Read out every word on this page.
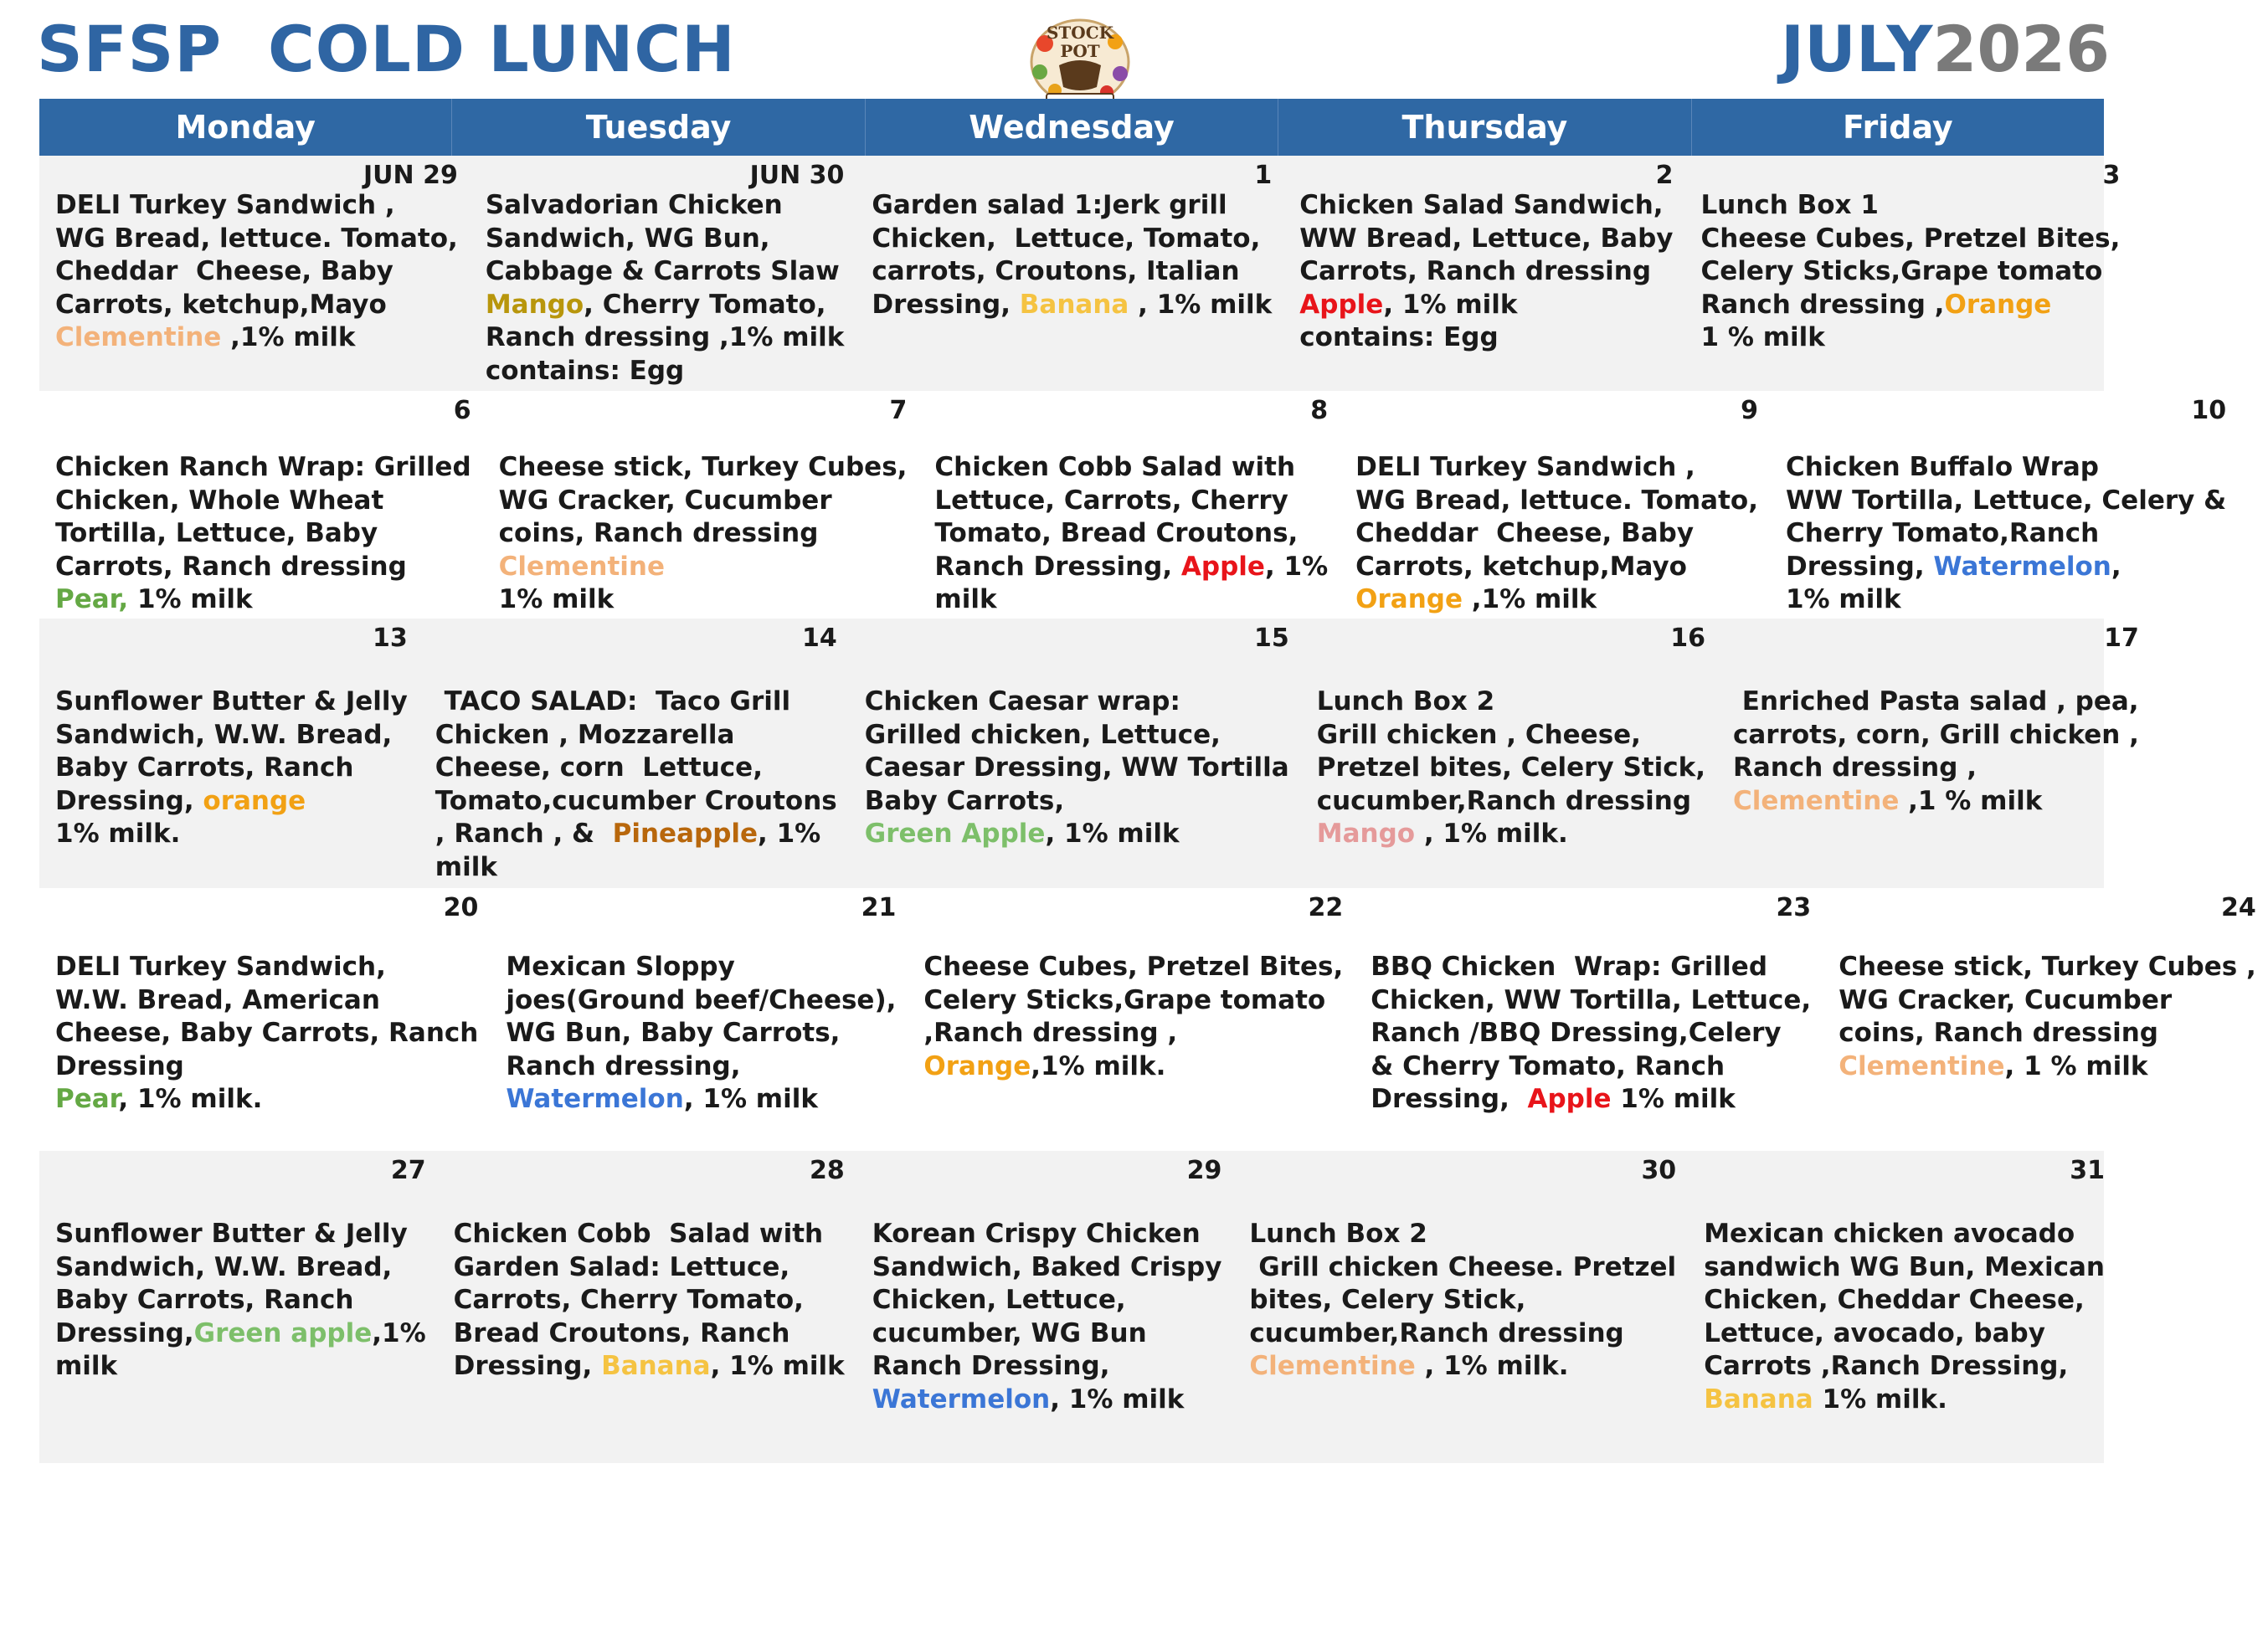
SFSP  COLD LUNCH	STOCK
POT	JULY2026
Monday	Tuesday	Wednesday	Thursday	Friday
JUN 29
DELI Turkey Sandwich ,
WG Bread, lettuce. Tomato,
Cheddar  Cheese, Baby
Carrots, ketchup,Mayo
Clementine ,1% milk
JUN 30
Salvadorian Chicken
Sandwich, WG Bun,
Cabbage & Carrots Slaw
Mango, Cherry Tomato,
Ranch dressing ,1% milk
contains: Egg
1
Garden salad 1:Jerk grill
Chicken,  Lettuce, Tomato,
carrots, Croutons, Italian
Dressing, Banana , 1% milk
2
Chicken Salad Sandwich,
WW Bread, Lettuce, Baby
Carrots, Ranch dressing
Apple, 1% milk
contains: Egg
3
Lunch Box 1
Cheese Cubes, Pretzel Bites,
Celery Sticks,Grape tomato
Ranch dressing ,Orange
1 % milk
6
Chicken Ranch Wrap: Grilled
Chicken, Whole Wheat
Tortilla, Lettuce, Baby
Carrots, Ranch dressing
Pear, 1% milk
7
Cheese stick, Turkey Cubes,
WG Cracker, Cucumber
coins, Ranch dressing
Clementine
1% milk
8
Chicken Cobb Salad with
Lettuce, Carrots, Cherry
Tomato, Bread Croutons,
Ranch Dressing, Apple, 1%
milk
9
DELI Turkey Sandwich ,
WG Bread, lettuce. Tomato,
Cheddar  Cheese, Baby
Carrots, ketchup,Mayo
Orange ,1% milk
10
Chicken Buffalo Wrap
WW Tortilla, Lettuce, Celery &
Cherry Tomato,Ranch
Dressing, Watermelon,
1% milk
13
Sunflower Butter & Jelly
Sandwich, W.W. Bread,
Baby Carrots, Ranch
Dressing, orange
1% milk.
14
TACO SALAD:  Taco Grill
Chicken , Mozzarella
Cheese, corn  Lettuce,
Tomato,cucumber Croutons
, Ranch , &  Pineapple, 1%
milk
15
Chicken Caesar wrap:
Grilled chicken, Lettuce,
Caesar Dressing, WW Tortilla
Baby Carrots,
Green Apple, 1% milk
16
Lunch Box 2
Grill chicken , Cheese,
Pretzel bites, Celery Stick,
cucumber,Ranch dressing
Mango , 1% milk.
17
Enriched Pasta salad , pea,
carrots, corn, Grill chicken ,
Ranch dressing ,
Clementine ,1 % milk
20
DELI Turkey Sandwich,
W.W. Bread, American
Cheese, Baby Carrots, Ranch
Dressing
Pear, 1% milk.
21
Mexican Sloppy
joes(Ground beef/Cheese),
WG Bun, Baby Carrots,
Ranch dressing,
Watermelon, 1% milk
22
Cheese Cubes, Pretzel Bites,
Celery Sticks,Grape tomato
,Ranch dressing ,
Orange,1% milk.
23
BBQ Chicken  Wrap: Grilled
Chicken, WW Tortilla, Lettuce,
Ranch /BBQ Dressing,Celery
& Cherry Tomato, Ranch
Dressing,  Apple 1% milk
24
Cheese stick, Turkey Cubes ,
WG Cracker, Cucumber
coins, Ranch dressing
Clementine, 1 % milk
27
Sunflower Butter & Jelly
Sandwich, W.W. Bread,
Baby Carrots, Ranch
Dressing,Green apple,1%
milk
28
Chicken Cobb  Salad with
Garden Salad: Lettuce,
Carrots, Cherry Tomato,
Bread Croutons, Ranch
Dressing, Banana, 1% milk
29
Korean Crispy Chicken
Sandwich, Baked Crispy
Chicken, Lettuce,
cucumber, WG Bun
Ranch Dressing,
Watermelon, 1% milk
30
Lunch Box 2
Grill chicken Cheese. Pretzel
bites, Celery Stick,
cucumber,Ranch dressing
Clementine , 1% milk.
31
Mexican chicken avocado
sandwich WG Bun, Mexican
Chicken, Cheddar Cheese,
Lettuce, avocado, baby
Carrots ,Ranch Dressing,
Banana 1% milk.
